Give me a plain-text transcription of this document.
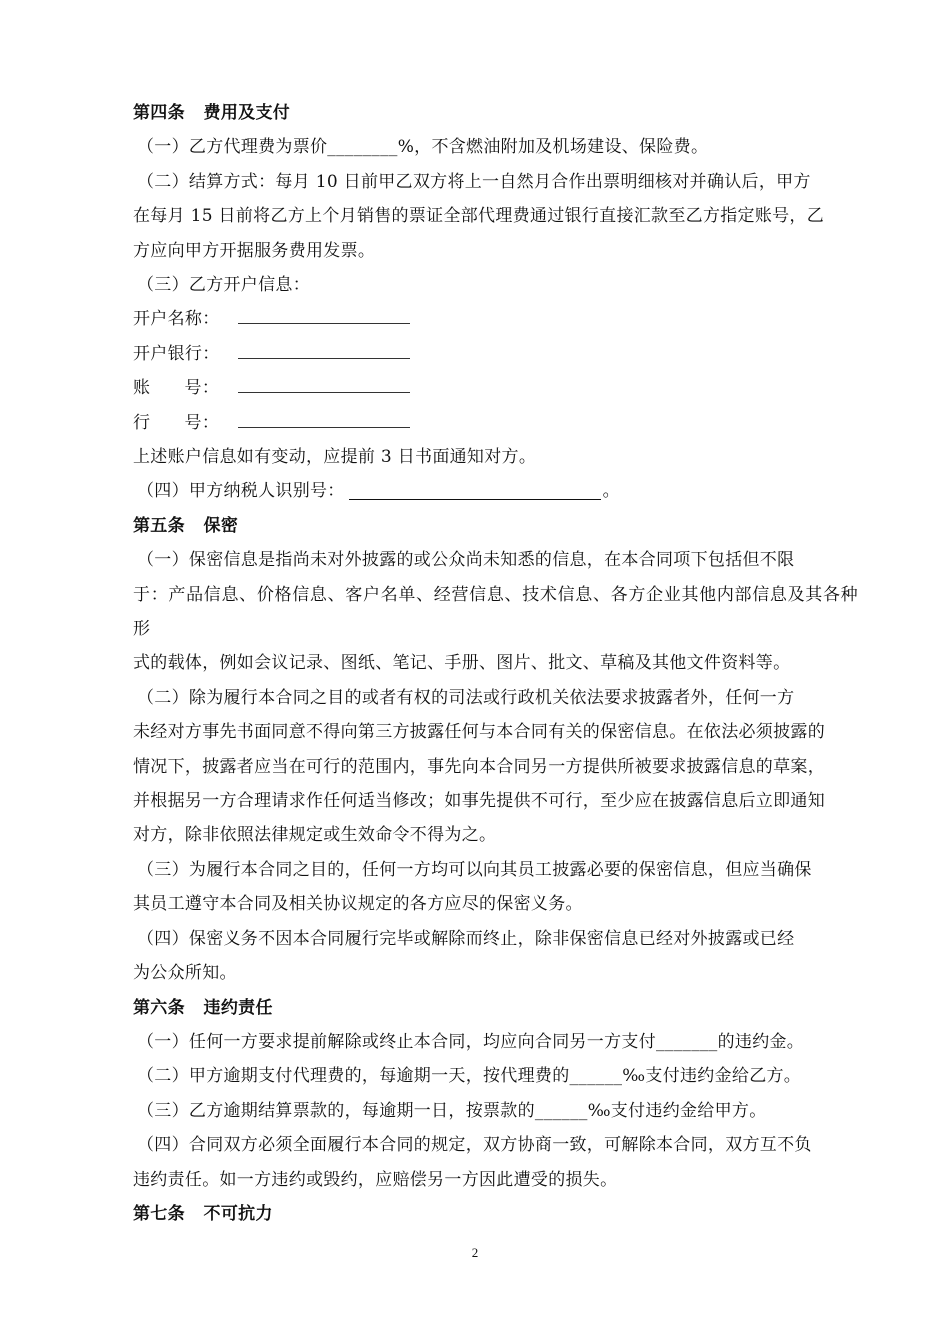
第四条   费用及支付
（一）乙方代理费为票价________%，不含燃油附加及机场建设、保险费。
（二）结算方式：每月 10 日前甲乙双方将上一自然月合作出票明细核对并确认后，甲方
在每月 15 日前将乙方上个月销售的票证全部代理费通过银行直接汇款至乙方指定账号，乙
方应向甲方开据服务费用发票。
（三）乙方开户信息：
开户名称：
开户银行：
账      号：
行      号：
上述账户信息如有变动，应提前 3 日书面通知对方。
（四）甲方纳税人识别号：	。
第五条   保密
（一）保密信息是指尚未对外披露的或公众尚未知悉的信息，在本合同项下包括但不限
于：产品信息、价格信息、客户名单、经营信息、技术信息、各方企业其他内部信息及其各种形
式的载体，例如会议记录、图纸、笔记、手册、图片、批文、草稿及其他文件资料等。
（二）除为履行本合同之目的或者有权的司法或行政机关依法要求披露者外，任何一方
未经对方事先书面同意不得向第三方披露任何与本合同有关的保密信息。在依法必须披露的
情况下，披露者应当在可行的范围内，事先向本合同另一方提供所被要求披露信息的草案，
并根据另一方合理请求作任何适当修改；如事先提供不可行，至少应在披露信息后立即通知
对方，除非依照法律规定或生效命令不得为之。
（三）为履行本合同之目的，任何一方均可以向其员工披露必要的保密信息，但应当确保
其员工遵守本合同及相关协议规定的各方应尽的保密义务。
（四）保密义务不因本合同履行完毕或解除而终止，除非保密信息已经对外披露或已经
为公众所知。
第六条   违约责任
（一）任何一方要求提前解除或终止本合同，均应向合同另一方支付_______的违约金。
（二）甲方逾期支付代理费的，每逾期一天，按代理费的______‰支付违约金给乙方。
（三）乙方逾期结算票款的，每逾期一日，按票款的______‰支付违约金给甲方。
（四）合同双方必须全面履行本合同的规定，双方协商一致，可解除本合同，双方互不负
违约责任。如一方违约或毁约，应赔偿另一方因此遭受的损失。
第七条   不可抗力
2
